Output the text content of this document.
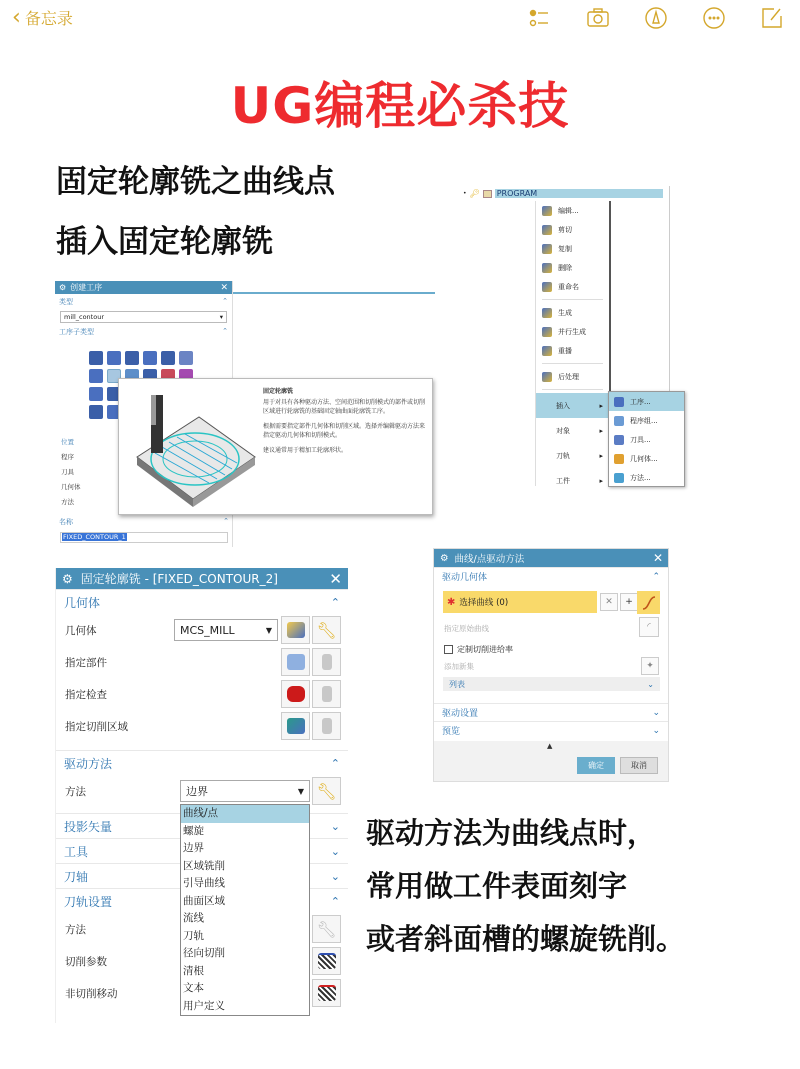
‹ 备忘录
UG编程必杀技
固定轮廓铣之曲线点
插入固定轮廓铣
⚙ 创建工序	✕
类型	⌃
mill_contour	▾
工序子类型	⌃
位置
程序
刀具
几何体
方法
名称	⌃
FIXED_CONTOUR_1
固定轮廓铣

用于对具有各种驱动方法、空间范围和切削模式的部件或切削区域进行轮廓铣的基础固定轴曲面轮廓铣工序。

根据需要指定部件几何体和切削区域。选择并编辑驱动方法来指定驱动几何体和切削模式。

建议通常用于精加工轮廓形状。

• 🔑︎ PROGRAM
编辑...
剪切
复制
删除
重命名
生成
并行生成
重播
后处理
插入	▸
对象	▸
刀轨	▸
工件	▸
工序...
程序组...
刀具...
几何体...
方法...
⚙ 固定轮廓铣 - [FIXED_CONTOUR_2]	✕
几何体	⌃
几何体	MCS_MILL	▼	🔧︎
指定部件
指定检查
指定切削区域
驱动方法	⌃
方法	边界	▼ 🔧︎
投影矢量	⌄
工具	⌄
刀轴	⌄
刀轨设置	⌃
方法	🔧︎
切削参数
非切削移动
曲线/点
螺旋
边界
区域铣削
引导曲线
曲面区域
流线
刀轨
径向切削
清根
文本
用户定义
⚙ 曲线/点驱动方法	✕
驱动几何体	⌃
✱ 选择曲线 (0)	✕ +
指定原始曲线	◜
定制切削进给率
添加新集	✦
列表	⌄
驱动设置	⌄
预览	⌄
▲
确定	取消
驱动方法为曲线点时，
常用做工件表面刻字
或者斜面槽的螺旋铣削。
